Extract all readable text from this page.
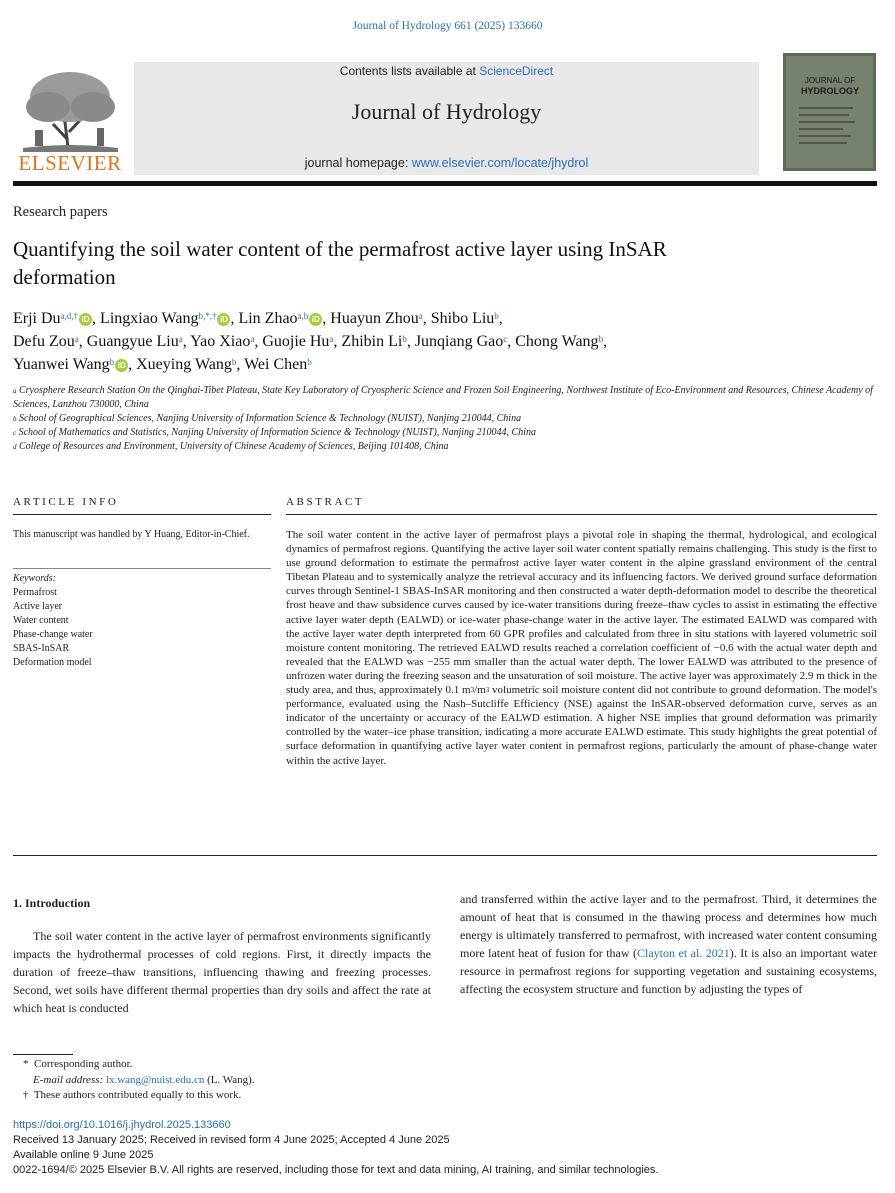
Journal of Hydrology 661 (2025) 133660
ELSEVIER
Contents lists available at ScienceDirect
Journal of Hydrology
journal homepage: www.elsevier.com/locate/jhydrol
JOURNAL OF
HYDROLOGY
Research papers
Quantifying the soil water content of the permafrost active layer using InSAR deformation
Erji $Du^{a,d,\dagger}$ iD , Lingxiao Wang$^{b,*,\dagger}$ iD , Lin Zhao$^{a,b}$ iD , Huayun Zhou$^a$, Shibo Liu$^b$,
Defu Zou$^a$, Guangyue Liu$^a$, Yao Xiao$^a$, Guojie Hu$^a$, Zhibin Li$^b$, Junqiang Gao$^c$, Chong Wang$^b$,
Yuanwei Wang$^b$ iD , Xueying Wang$^b$, Wei Chen$^b$
$^a$ Cryosphere Research Station On the Qinghai-Tibet Plateau, State Key Laboratory of Cryospheric Science and Frozen Soil Engineering, Northwest Institute of Eco-Environment and Resources, Chinese Academy of Sciences, Lanzhou 730000, China
$^b$ School of Geographical Sciences, Nanjing University of Information Science & Technology (NUIST), Nanjing 210044, China
$^c$ School of Mathematics and Statistics, Nanjing University of Information Science & Technology (NUIST), Nanjing 210044, China
$^d$ College of Resources and Environment, University of Chinese Academy of Sciences, Beijing 101408, China
ARTICLE INFO
This manuscript was handled by Y Huang, Editor-in-Chief.
Keywords:
Permafrost
Active layer
Water content
Phase-change water
SBAS-InSAR
Deformation model
ABSTRACT
The soil water content in the active layer of permafrost plays a pivotal role in shaping the thermal, hydrological, and ecological dynamics of permafrost regions. Quantifying the active layer soil water content spatially remains challenging. This study is the first to use ground deformation to estimate the permafrost active layer water content in the alpine grassland environment of the central Tibetan Plateau and to systemically analyze the retrieval accuracy and its influencing factors. We derived ground surface deformation curves through Sentinel-1 SBAS-InSAR monitoring and then constructed a water depth-deformation model to describe the theoretical frost heave and thaw subsidence curves caused by ice-water transitions during freeze–thaw cycles to assist in estimating the effective active layer water depth (EALWD) or ice-water phase-change water in the active layer. The estimated EALWD was compared with the active layer water depth interpreted from 60 GPR profiles and calculated from three in situ stations with layered volumetric soil moisture content monitoring. The retrieved EALWD results reached a correlation coefficient of −0.6 with the actual water depth and revealed that the EALWD was −255 mm smaller than the actual water depth. The lower EALWD was attributed to the presence of unfrozen water during the freezing season and the unsaturation of soil moisture. The active layer was approximately 2.9 m thick in the study area, and thus, approximately 0.1 $m^3/m^3$ volumetric soil moisture content did not contribute to ground deformation. The model's performance, evaluated using the Nash–Sutcliffe Efficiency (NSE) against the InSAR-observed deformation curve, serves as an indicator of the uncertainty or accuracy of the EALWD estimation. A higher NSE implies that ground deformation was primarily controlled by the water–ice phase transition, indicating a more accurate EALWD estimate. This study highlights the great potential of surface deformation in quantifying active layer water content in permafrost regions, particularly the amount of phase-change water within the active layer.
1. Introduction
The soil water content in the active layer of permafrost environments significantly impacts the hydrothermal processes of cold regions. First, it directly impacts the duration of freeze–thaw transitions, influencing thawing and freezing processes. Second, wet soils have different thermal properties than dry soils and affect the rate at which heat is conducted
and transferred within the active layer and to the permafrost. Third, it determines the amount of heat that is consumed in the thawing process and determines how much energy is ultimately transferred to permafrost, with increased water content consuming more latent heat of fusion for thaw (Clayton et al. 2021). It is also an important water resource in permafrost regions for supporting vegetation and sustaining ecosystems, affecting the ecosystem structure and function by adjusting the types of
* Corresponding author.
E-mail address: lx.wang@nuist.edu.cn (L. Wang).
† These authors contributed equally to this work.
https://doi.org/10.1016/j.jhydrol.2025.133660
Received 13 January 2025; Received in revised form 4 June 2025; Accepted 4 June 2025
Available online 9 June 2025
0022-1694/© 2025 Elsevier B.V. All rights are reserved, including those for text and data mining, AI training, and similar technologies.
